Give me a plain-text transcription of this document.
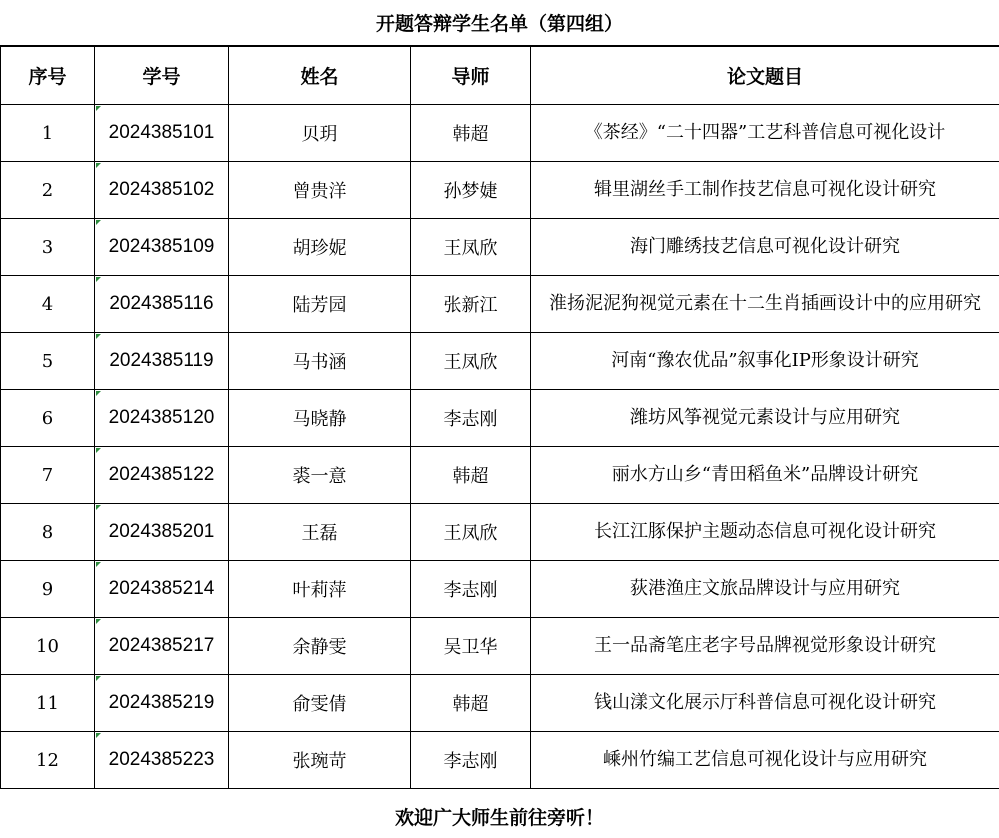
开题答辩学生名单（第四组）
序号	学号	姓名	导师	论文题目
1	2024385101	贝玥	韩超	《茶经》“二十四器”工艺科普信息可视化设计
2	2024385102	曾贵洋	孙梦婕	辑里湖丝手工制作技艺信息可视化设计研究
3	2024385109	胡珍妮	王凤欣	海门雕绣技艺信息可视化设计研究
4	2024385116	陆芳园	张新江	淮扬泥泥狗视觉元素在十二生肖插画设计中的应用研究
5	2024385119	马书涵	王凤欣	河南“豫农优品”叙事化IP形象设计研究
6	2024385120	马晓静	李志刚	潍坊风筝视觉元素设计与应用研究
7	2024385122	裘一意	韩超	丽水方山乡“青田稻鱼米”品牌设计研究
8	2024385201	王磊	王凤欣	长江江豚保护主题动态信息可视化设计研究
9	2024385214	叶莉萍	李志刚	荻港渔庄文旅品牌设计与应用研究
10	2024385217	余静雯	吴卫华	王一品斋笔庄老字号品牌视觉形象设计研究
11	2024385219	俞雯倩	韩超	钱山漾文化展示厅科普信息可视化设计研究
12	2024385223	张琬苛	李志刚	嵊州竹编工艺信息可视化设计与应用研究
欢迎广大师生前往旁听！
